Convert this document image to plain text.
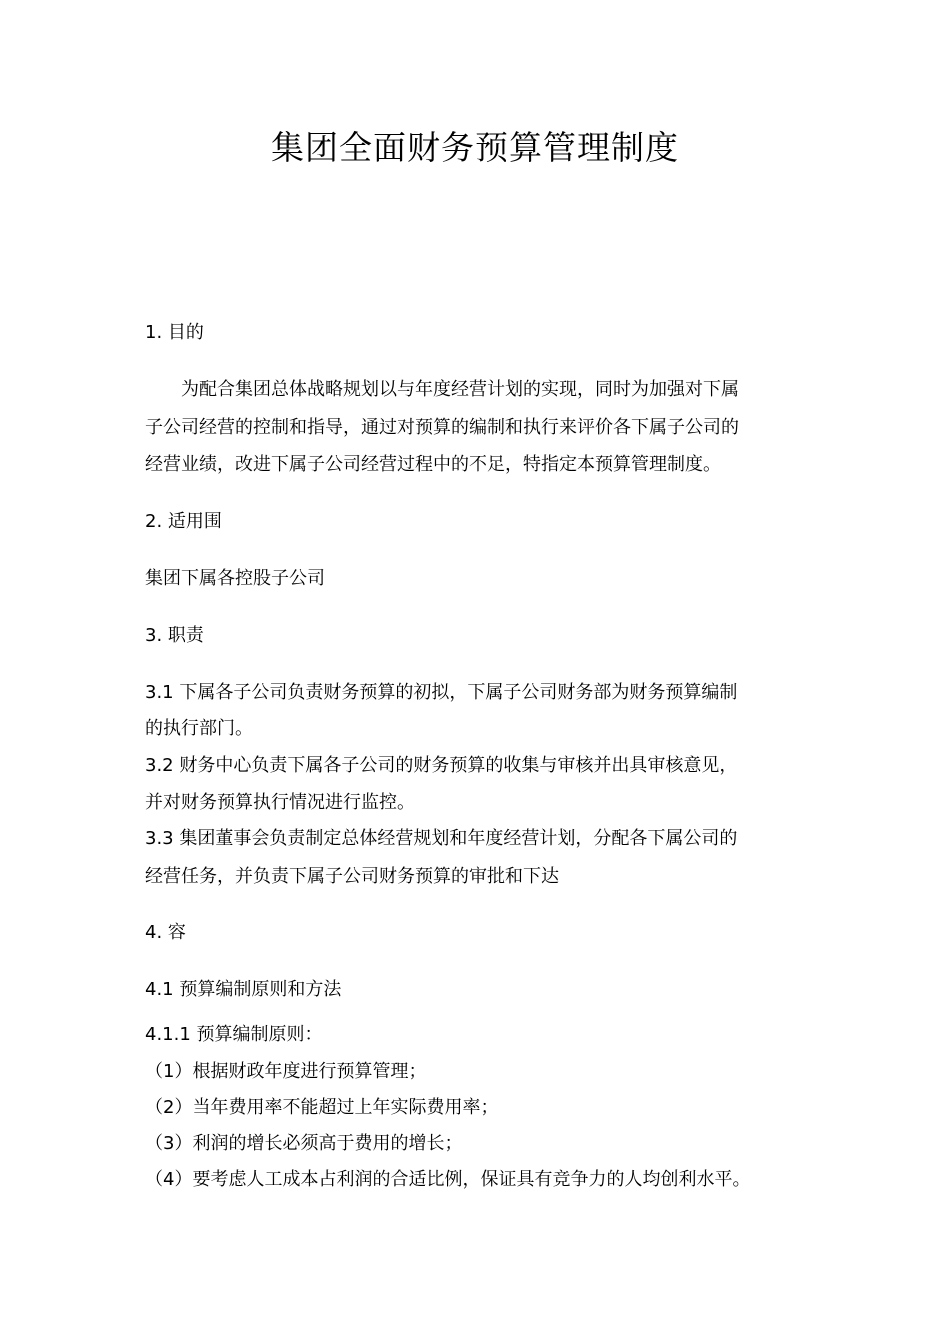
集团全面财务预算管理制度

1. 目的

为配合集团总体战略规划以与年度经营计划的实现，同时为加强对下属

子公司经营的控制和指导，通过对预算的编制和执行来评价各下属子公司的

经营业绩，改进下属子公司经营过程中的不足，特指定本预算管理制度。

2. 适用围

集团下属各控股子公司

3. 职责

3.1 下属各子公司负责财务预算的初拟，下属子公司财务部为财务预算编制

的执行部门。

3.2 财务中心负责下属各子公司的财务预算的收集与审核并出具审核意见，

并对财务预算执行情况进行监控。

3.3 集团董事会负责制定总体经营规划和年度经营计划，分配各下属公司的

经营任务，并负责下属子公司财务预算的审批和下达

4. 容

4.1 预算编制原则和方法

4.1.1 预算编制原则：

（1）根据财政年度进行预算管理；

（2）当年费用率不能超过上年实际费用率；

（3）利润的增长必须高于费用的增长；

（4）要考虑人工成本占利润的合适比例，保证具有竞争力的人均创利水平。
